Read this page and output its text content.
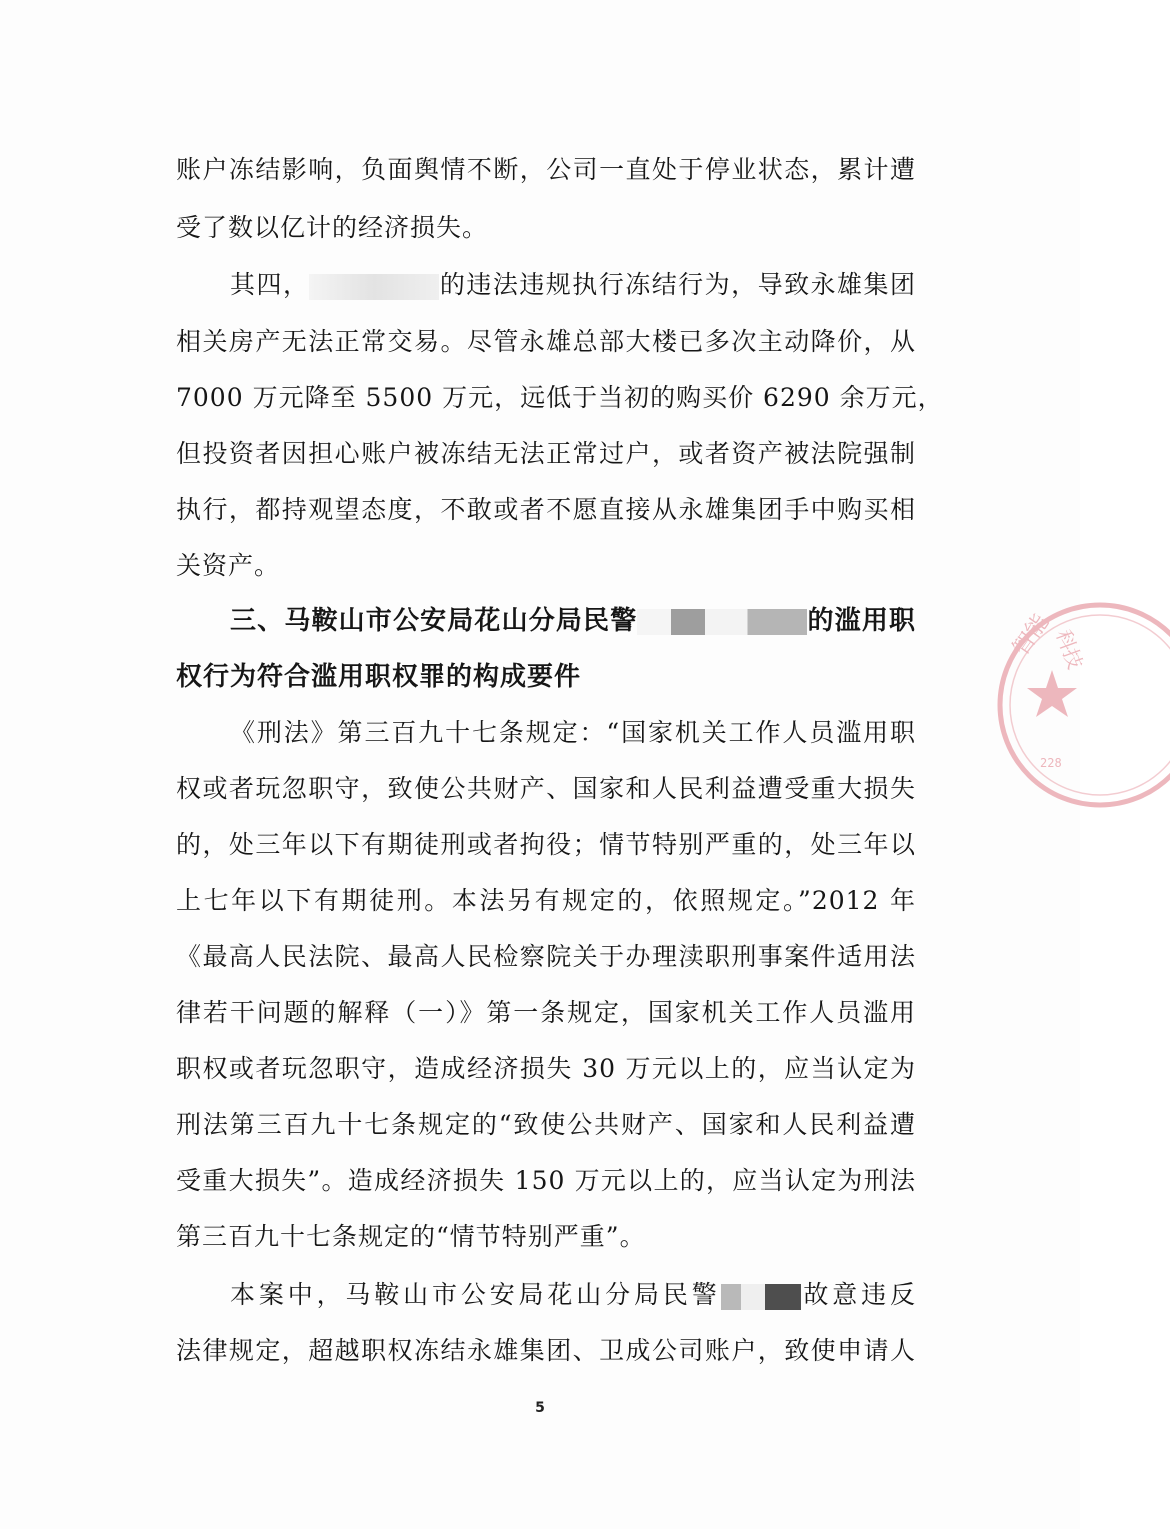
账户冻结影响，负面舆情不断，公司一直处于停业状态，累计遭
受了数以亿计的经济损失。
其四，	的违法违规执行冻结行为，导致永雄集团
相关房产无法正常交易。尽管永雄总部大楼已多次主动降价，从
7000 万元降至 5500 万元，远低于当初的购买价 6290 余万元，
但投资者因担心账户被冻结无法正常过户，或者资产被法院强制
执行，都持观望态度，不敢或者不愿直接从永雄集团手中购买相
关资产。
三、马鞍山市公安局花山分局民警	的滥用职
权行为符合滥用职权罪的构成要件
《刑法》第三百九十七条规定：“国家机关工作人员滥用职
权或者玩忽职守，致使公共财产、国家和人民利益遭受重大损失
的，处三年以下有期徒刑或者拘役；情节特别严重的，处三年以
上七年以下有期徒刑。本法另有规定的，依照规定。”2012 年
《最高人民法院、最高人民检察院关于办理渎职刑事案件适用法
律若干问题的解释（一）》第一条规定，国家机关工作人员滥用
职权或者玩忽职守，造成经济损失 30 万元以上的，应当认定为
刑法第三百九十七条规定的“致使公共财产、国家和人民利益遭
受重大损失”。造成经济损失 150 万元以上的，应当认定为刑法
第三百九十七条规定的“情节特别严重”。
本案中，马鞍山市公安局花山分局民警	故意违反
法律规定，超越职权冻结永雄集团、卫成公司账户，致使申请人
5
智能
科技
228
